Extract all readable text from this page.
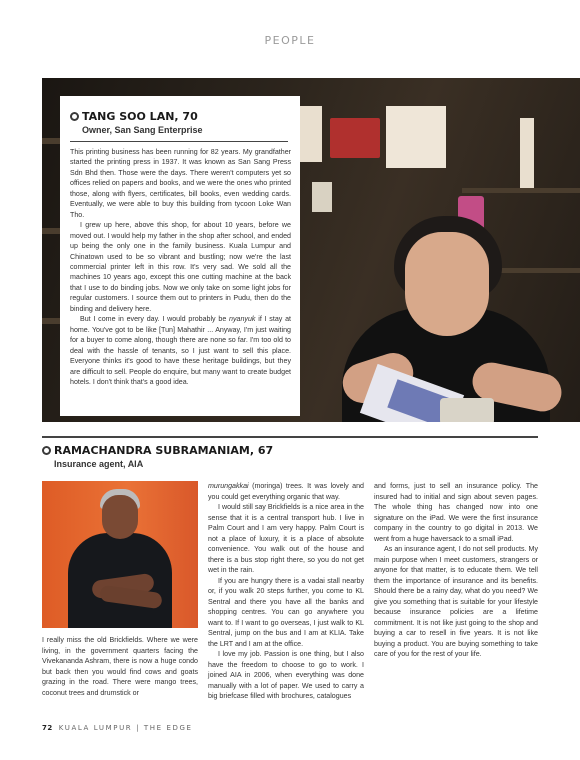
PEOPLE
TANG SOO LAN, 70
Owner, San Sang Enterprise

This printing business has been running for 82 years. My grandfather started the printing press in 1937. It was known as San Sang Press Sdn Bhd then. Those were the days. There weren't computers yet so offices relied on papers and books, and we were the ones who printed those, along with flyers, certificates, bill books, even wedding cards. Eventually, we were able to buy this building from tycoon Loke Wan Tho.

I grew up here, above this shop, for about 10 years, before we moved out. I would help my father in the shop after school, and ended up being the only one in the family business. Kuala Lumpur and Chinatown used to be so vibrant and bustling; now we're the last commercial printer left in this row. It's very sad. We sold all the machines 10 years ago, except this one cutting machine at the back that I use to do binding jobs. Now we only take on some light jobs for regular customers. I source them out to printers in Pudu, then do the binding and delivery here.

But I come in every day. I would probably be nyanyuk if I stay at home. You've got to be like [Tun] Mahathir ... Anyway, I'm just waiting for a buyer to come along, though there are none so far. I'm too old to deal with the hassle of tenants, so I just want to sell this place. Everyone thinks it's good to have these heritage buildings, but they are difficult to sell. People do enquire, but many want to create budget hotels. I don't think that's a good idea.

RAMACHANDRA SUBRAMANIAM, 67
Insurance agent, AIA

I really miss the old Brickfields. Where we were living, in the government quarters facing the Vivekananda Ashram, there is now a huge condo but back then you would find cows and goats grazing in the road. There were mango trees, coconut trees and drumstick or

murungakkai (moringa) trees. It was lovely and you could get everything organic that way.

I would still say Brickfields is a nice area in the sense that it is a central transport hub. I live in Palm Court and I am very happy. Palm Court is not a place of luxury, it is a place of absolute convenience. You walk out of the house and there is a bus stop right there, so you do not get wet in the rain.

If you are hungry there is a vadai stall nearby or, if you walk 20 steps further, you come to KL Sentral and there you have all the banks and shopping centres. You can go anywhere you want to. If I want to go overseas, I just walk to KL Sentral, jump on the bus and I am at KLIA. Take the LRT and I am at the office.

I love my job. Passion is one thing, but I also have the freedom to choose to go to work. I joined AIA in 2006, when everything was done manually with a lot of paper. We used to carry a big briefcase filled with brochures, catalogues

and forms, just to sell an insurance policy. The insured had to initial and sign about seven pages. The whole thing has changed now into one signature on the iPad. We were the first insurance company in the country to go digital in 2013. We went from a huge haversack to a small iPad.

As an insurance agent, I do not sell products. My main purpose when I meet customers, strangers or anyone for that matter, is to educate them. We tell them the importance of insurance and its benefits. Should there be a rainy day, what do you need? We give you something that is suitable for your lifestyle because insurance policies are a lifetime commitment. It is not like just going to the shop and buying a car to resell in five years. It is not like buying a product. You are buying something to take care of you for the rest of your life.

72 KUALA LUMPUR | THE EDGE
